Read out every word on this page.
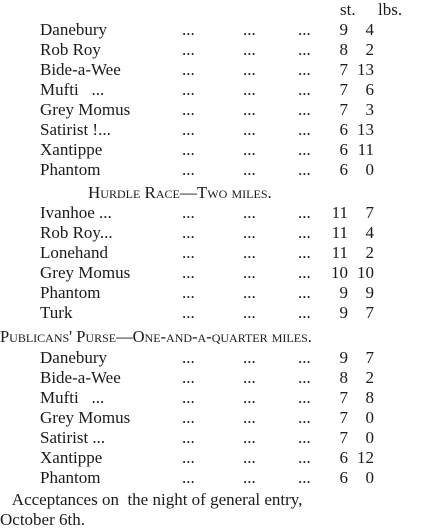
st. lbs.
Danebury	...	... ...	9	4
Rob Roy	...	... ...	8	2
Bide-a-Wee	...	... ...	7 13
Mufti   ...	...	... ...	7	6
Grey Momus	...	... ...	7	3
Satirist !...	...	... ...	6 13
Xantippe	...	... ...	6 11
Phantom	...	... ...	6	0
Hurdle Race—Two miles.
Ivanhoe ...	...	... ...	11	7
Rob Roy...	...	... ...	11	4
Lonehand	...	... ...	11	2
Grey Momus	...	... ...	10 10
Phantom	...	... ...	9	9
Turk	...	... ...	9	7
Publicans' Purse—One-and-a-quarter miles.
Danebury	...	... ...	9	7
Bide-a-Wee	...	... ...	8	2
Mufti   ...	...	... ...	7	8
Grey Momus	...	... ...	7	0
Satirist ...	...	... ...	7	0
Xantippe	...	... ...	6 12
Phantom	...	... ...	6	0
Acceptances on  the night of general entry,
October 6th.
